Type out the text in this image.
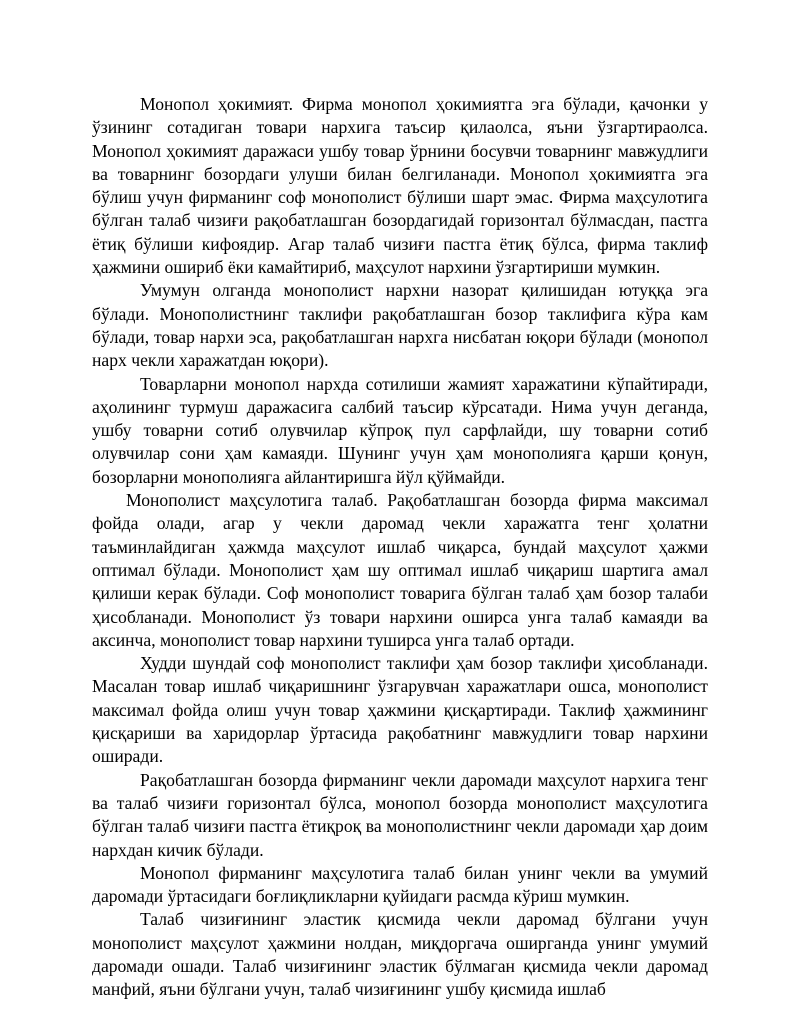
Монопол ҳокимият. Фирма монопол ҳокимиятга эга бўлади, қачонки у ўзининг сотадиган товари нархига таъсир қилаолса, яъни ўзгартираолса. Монопол ҳокимият даражаси ушбу товар ўрнини босувчи товарнинг мавжудлиги ва товарнинг бозордаги улуши билан белгиланади. Монопол ҳокимиятга эга бўлиш учун фирманинг соф монополист бўлиши шарт эмас. Фирма маҳсулотига бўлган талаб чизиғи рақобатлашган бозордагидай горизонтал бўлмасдан, пастга ётиқ бўлиши кифоядир. Агар талаб чизиғи пастга ётиқ бўлса, фирма таклиф ҳажмини ошириб ёки камайтириб, маҳсулот нархини ўзгартириши мумкин.

Умумун олганда монополист нархни назорат қилишидан ютуққа эга бўлади. Монополистнинг таклифи рақобатлашган бозор таклифига кўра кам бўлади, товар нархи эса, рақобатлашган нархга нисбатан юқори бўлади (монопол нарх чекли харажатдан юқори).

Товарларни монопол нархда сотилиши жамият харажатини кўпайтиради, аҳолининг турмуш даражасига салбий таъсир кўрсатади. Нима учун деганда, ушбу товарни сотиб олувчилар кўпроқ пул сарфлайди, шу товарни сотиб олувчилар сони ҳам камаяди. Шунинг учун ҳам монополияга қарши қонун, бозорларни монополияга айлантиришга йўл қўймайди.

Монополист маҳсулотига талаб. Рақобатлашган бозорда фирма максимал фойда олади, агар у чекли даромад чекли харажатга тенг ҳолатни таъминлайдиган ҳажмда маҳсулот ишлаб чиқарса, бундай маҳсулот ҳажми оптимал бўлади. Монополист ҳам шу оптимал ишлаб чиқариш шартига амал қилиши керак бўлади. Соф монополист товарига бўлган талаб ҳам бозор талаби ҳисобланади. Монополист ўз товари нархини оширса унга талаб камаяди ва аксинча, монополист товар нархини туширса унга талаб ортади.

Худди шундай соф монополист таклифи ҳам бозор таклифи ҳисобланади. Масалан товар ишлаб чиқаришнинг ўзгарувчан харажатлари ошса, монополист максимал фойда олиш учун товар ҳажмини қисқартиради. Таклиф ҳажмининг қисқариши ва харидорлар ўртасида рақобатнинг мавжудлиги товар нархини оширади.

Рақобатлашган бозорда фирманинг чекли даромади маҳсулот нархига тенг ва талаб чизиғи горизонтал бўлса, монопол бозорда монополист маҳсулотига бўлган талаб чизиғи пастга ётиқроқ ва монополистнинг чекли даромади ҳар доим нархдан кичик бўлади.

Монопол фирманинг маҳсулотига талаб билан унинг чекли ва умумий даромади ўртасидаги боғлиқликларни қуйидаги расмда кўриш мумкин.

Талаб чизиғининг эластик қисмида чекли даромад бўлгани учун монополист маҳсулот ҳажмини нолдан, миқдоргача оширганда унинг умумий даромади ошади. Талаб чизиғининг эластик бўлмаган қисмида чекли даромад манфий, яъни бўлгани учун, талаб чизиғининг ушбу қисмида ишлаб
